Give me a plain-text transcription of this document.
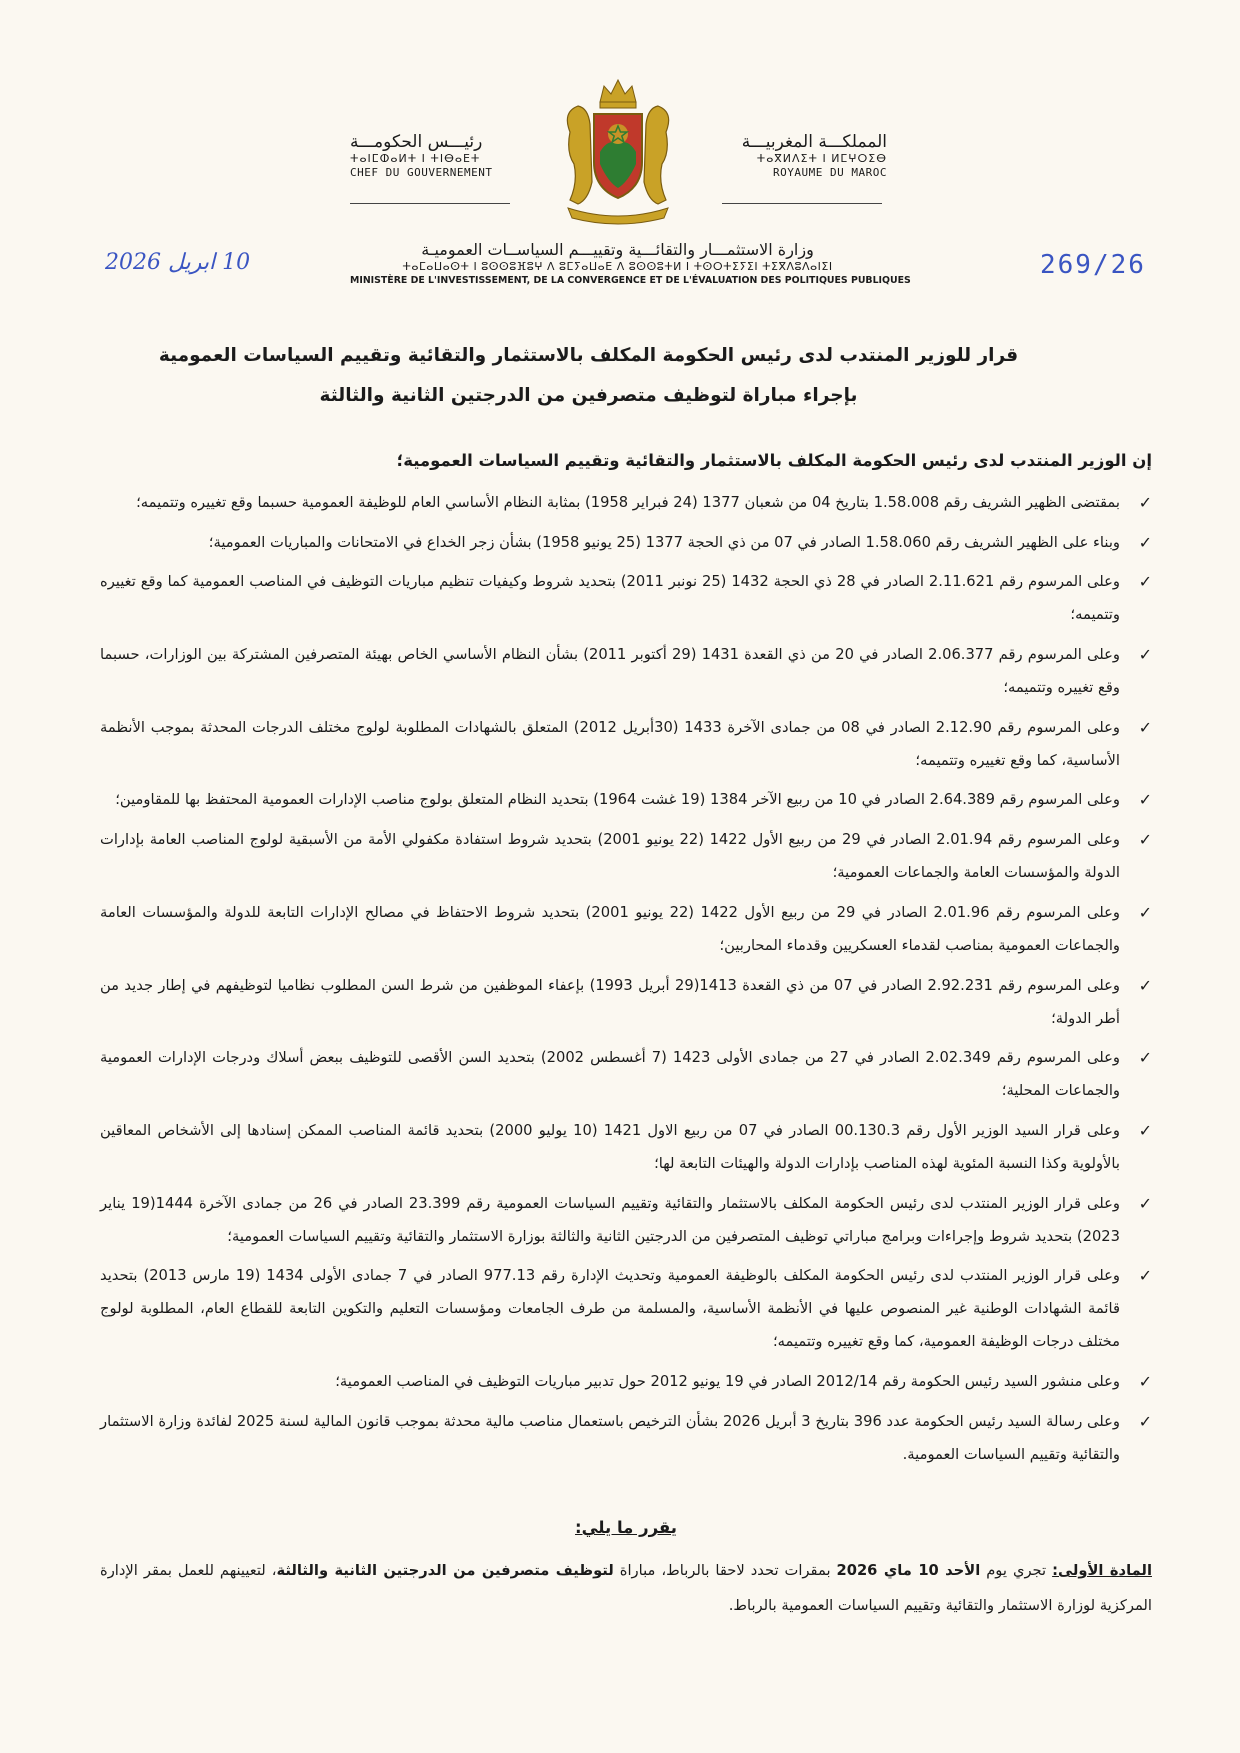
رئيـــس الحكومـــة
ⵜⴰⵏⵎⵀⴰⵍⵜ ⵏ ⵜⵏⴱⴰⴹⵜ
CHEF DU GOUVERNEMENT
المملكـــة المغربيـــة
ⵜⴰⴳⵍⴷⵉⵜ ⵏ ⵍⵎⵖⵔⵉⴱ
ROYAUME DU MAROC
وزارة الاستثمـــار والتقائـــية وتقييـــم السياســات العموميـة
ⵜⴰⵎⴰⵡⴰⵙⵜ ⵏ ⵓⵙⵙⵓⴼⵓⵖ ⴷ ⵓⵎⵢⴰⵡⴰⴹ ⴷ ⵓⵙⵙⵓⵜⵍ ⵏ ⵜⵙⵔⵜⵉⵢⵉⵏ ⵜⵉⴳⴷⵓⴷⴰⵏⵉⵏ
MINISTÈRE DE L'INVESTISSEMENT, DE LA CONVERGENCE ET DE L'ÉVALUATION DES POLITIQUES PUBLIQUES
10 ابريل 2026	269/26
قرار للوزير المنتدب لدى رئيس الحكومة المكلف بالاستثمار والتقائية وتقييم السياسات العمومية
بإجراء مباراة لتوظيف متصرفين من الدرجتين الثانية والثالثة
إن الوزير المنتدب لدى رئيس الحكومة المكلف بالاستثمار والتقائية وتقييم السياسات العمومية؛
✓
بمقتضى الظهير الشريف رقم 1.58.008 بتاريخ 04 من شعبان 1377 (24 فبراير 1958) بمثابة النظام الأساسي العام للوظيفة العمومية حسبما وقع تغييره وتتميمه؛
✓
وبناء على الظهير الشريف رقم 1.58.060 الصادر في 07 من ذي الحجة 1377 (25 يونيو 1958) بشأن زجر الخداع في الامتحانات والمباريات العمومية؛
✓
وعلى المرسوم رقم 2.11.621 الصادر في 28 ذي الحجة 1432 (25 نونبر 2011) بتحديد شروط وكيفيات تنظيم مباريات التوظيف في المناصب العمومية كما وقع تغييره وتتميمه؛
✓
وعلى المرسوم رقم 2.06.377 الصادر في 20 من ذي القعدة 1431 (29 أكتوبر 2011) بشأن النظام الأساسي الخاص بهيئة المتصرفين المشتركة بين الوزارات، حسبما وقع تغييره وتتميمه؛
✓
وعلى المرسوم رقم 2.12.90 الصادر في 08 من جمادى الآخرة 1433 (30أبريل 2012) المتعلق بالشهادات المطلوبة لولوج مختلف الدرجات المحدثة بموجب الأنظمة الأساسية، كما وقع تغييره وتتميمه؛
✓
وعلى المرسوم رقم 2.64.389 الصادر في 10 من ربيع الآخر 1384 (19 غشت 1964) بتحديد النظام المتعلق بولوج مناصب الإدارات العمومية المحتفظ بها للمقاومين؛
✓
وعلى المرسوم رقم 2.01.94 الصادر في 29 من ربيع الأول 1422 (22 يونيو 2001) بتحديد شروط استفادة مكفولي الأمة من الأسبقية لولوج المناصب العامة بإدارات الدولة والمؤسسات العامة والجماعات العمومية؛
✓
وعلى المرسوم رقم 2.01.96 الصادر في 29 من ربيع الأول 1422 (22 يونيو 2001) بتحديد شروط الاحتفاظ في مصالح الإدارات التابعة للدولة والمؤسسات العامة والجماعات العمومية بمناصب لقدماء العسكريين وقدماء المحاربين؛
✓
وعلى المرسوم رقم 2.92.231 الصادر في 07 من ذي القعدة 1413(29 أبريل 1993) بإعفاء الموظفين من شرط السن المطلوب نظاميا لتوظيفهم في إطار جديد من أطر الدولة؛
✓
وعلى المرسوم رقم 2.02.349 الصادر في 27 من جمادى الأولى 1423 (7 أغسطس 2002) بتحديد السن الأقصى للتوظيف ببعض أسلاك ودرجات الإدارات العمومية والجماعات المحلية؛
✓
وعلى قرار السيد الوزير الأول رقم 00.130.3 الصادر في 07 من ربيع الاول 1421 (10 يوليو 2000) بتحديد قائمة المناصب الممكن إسنادها إلى الأشخاص المعاقين بالأولوية وكذا النسبة المئوية لهذه المناصب بإدارات الدولة والهيئات التابعة لها؛
✓
وعلى قرار الوزير المنتدب لدى رئيس الحكومة المكلف بالاستثمار والتقائية وتقييم السياسات العمومية رقم 23.399 الصادر في 26 من جمادى الآخرة 1444(19 يناير 2023) بتحديد شروط وإجراءات وبرامج مباراتي توظيف المتصرفين من الدرجتين الثانية والثالثة بوزارة الاستثمار والتقائية وتقييم السياسات العمومية؛
✓
وعلى قرار الوزير المنتدب لدى رئيس الحكومة المكلف بالوظيفة العمومية وتحديث الإدارة رقم 977.13 الصادر في 7 جمادى الأولى 1434 (19 مارس 2013) بتحديد قائمة الشهادات الوطنية غير المنصوص عليها في الأنظمة الأساسية، والمسلمة من طرف الجامعات ومؤسسات التعليم والتكوين التابعة للقطاع العام، المطلوبة لولوج مختلف درجات الوظيفة العمومية، كما وقع تغييره وتتميمه؛
✓
وعلى منشور السيد رئيس الحكومة رقم 2012/14 الصادر في 19 يونيو 2012 حول تدبير مباريات التوظيف في المناصب العمومية؛
✓
وعلى رسالة السيد رئيس الحكومة عدد 396 بتاريخ 3 أبريل 2026 بشأن الترخيص باستعمال مناصب مالية محدثة بموجب قانون المالية لسنة 2025 لفائدة وزارة الاستثمار والتقائية وتقييم السياسات العمومية.
يقرر ما يلي:
المادة الأولى: تجري يوم الأحد 10 ماي 2026 بمقرات تحدد لاحقا بالرباط، مباراة لتوظيف متصرفين من الدرجتين الثانية والثالثة، لتعيينهم للعمل بمقر الإدارة المركزية لوزارة الاستثمار والتقائية وتقييم السياسات العمومية بالرباط.
